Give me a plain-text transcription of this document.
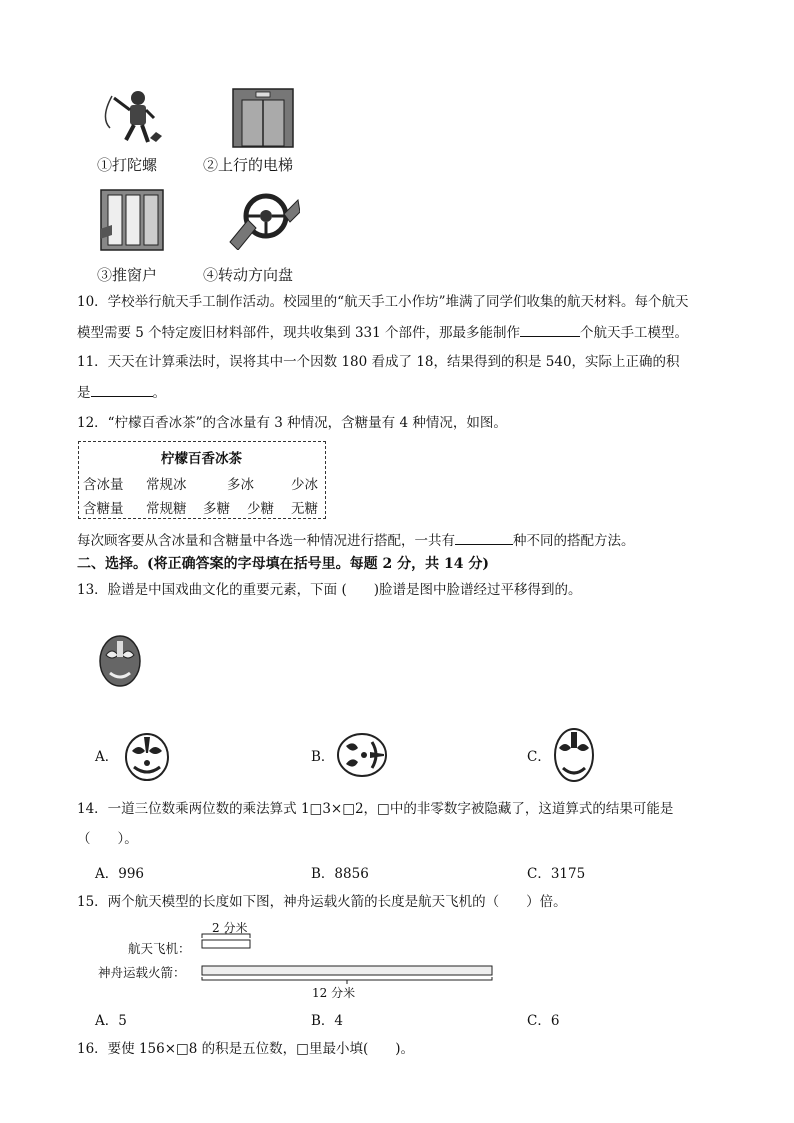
①打陀螺	②上行的电梯
③推窗户	④转动方向盘
10．学校举行航天手工制作活动。校园里的“航天手工小作坊”堆满了同学们收集的航天材料。每个航天
模型需要 5 个特定废旧材料部件，现共收集到 331 个部件，那最多能制作	个航天手工模型。
11．天天在计算乘法时，误将其中一个因数 180 看成了 18，结果得到的积是 540，实际上正确的积
是	。
12．“柠檬百香冰茶”的含冰量有 3 种情况，含糖量有 4 种情况，如图。
柠檬百香冰茶
含冰量 常规冰	多冰	少冰
含糖量 常规糖 多糖 少糖 无糖
每次顾客要从含冰量和含糖量中各选一种情况进行搭配，一共有	种不同的搭配方法。
二、选择。(将正确答案的字母填在括号里。每题 2 分，共 14 分)
13．脸谱是中国戏曲文化的重要元素，下面 (　　)脸谱是图中脸谱经过平移得到的。
A．	B．	C．
14．一道三位数乘两位数的乘法算式 1□3×□2，□中的非零数字被隐藏了，这道算式的结果可能是
（　　）。
A．996	B．8856	C．3175
15．两个航天模型的长度如下图，神舟运载火箭的长度是航天飞机的（　　）倍。
2 分米
航天飞机：
神舟运载火箭：
12 分米
A．5	B．4	C．6
16．要使 156×□8 的积是五位数，□里最小填(　　)。
